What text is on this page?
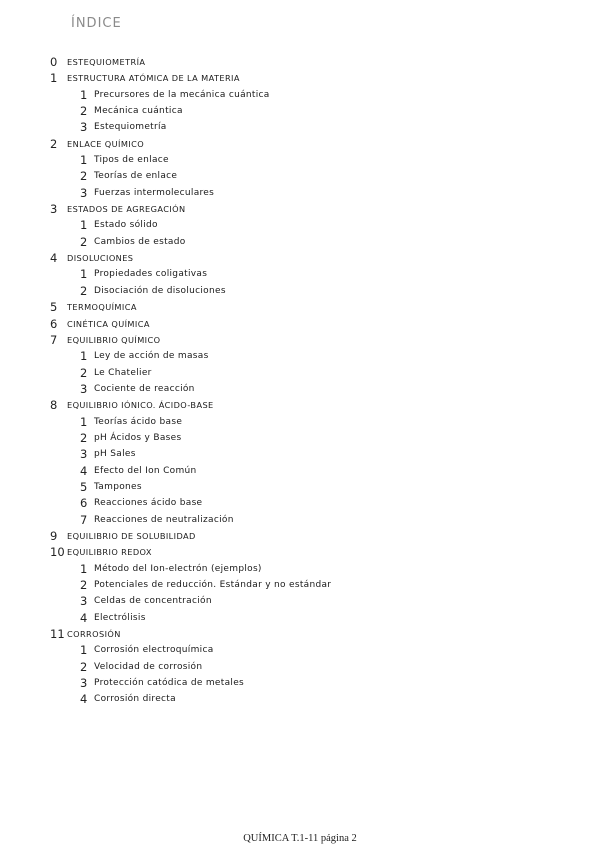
ÍNDICE
0 ESTEQUIOMETRÍA
1 ESTRUCTURA ATÓMICA DE LA MATERIA
1 Precursores de la mecánica cuántica
2 Mecánica cuántica
3 Estequiometría
2 ENLACE QUÍMICO
1 Tipos de enlace
2 Teorías de enlace
3 Fuerzas intermoleculares
3 ESTADOS DE AGREGACIÓN
1 Estado sólido
2 Cambios de estado
4 DISOLUCIONES
1 Propiedades coligativas
2 Disociación de disoluciones
5 TERMOQUÍMICA
6 CINÉTICA QUÍMICA
7 EQUILIBRIO QUÍMICO
1 Ley de acción de masas
2 Le Chatelier
3 Cociente de reacción
8 EQUILIBRIO IÓNICO. ÁCIDO-BASE
1 Teorías ácido base
2 pH Ácidos y Bases
3 pH Sales
4 Efecto del Ion Común
5 Tampones
6 Reacciones ácido base
7 Reacciones de neutralización
9 EQUILIBRIO DE SOLUBILIDAD
10 EQUILIBRIO REDOX
1 Método del Ion-electrón (ejemplos)
2 Potenciales de reducción. Estándar y no estándar
3 Celdas de concentración
4 Electrólisis
11 CORROSIÓN
1 Corrosión electroquímica
2 Velocidad de corrosión
3 Protección catódica de metales
4 Corrosión directa
QUÍMICA T.1-11 página 2
